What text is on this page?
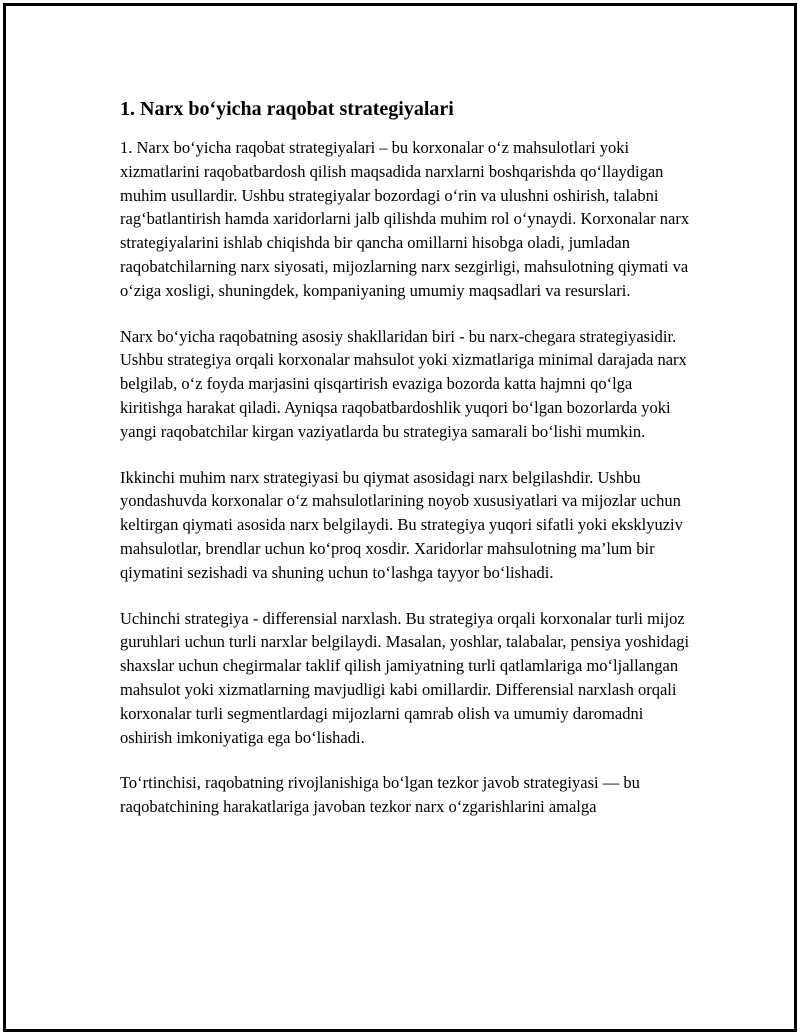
1. Narx bo‘yicha raqobat strategiyalari

1. Narx bo‘yicha raqobat strategiyalari – bu korxonalar o‘z mahsulotlari yoki xizmatlarini raqobatbardosh qilish maqsadida narxlarni boshqarishda qo‘llaydigan muhim usullardir. Ushbu strategiyalar bozordagi o‘rin va ulushni oshirish, talabni rag‘batlantirish hamda xaridorlarni jalb qilishda muhim rol o‘ynaydi. Korxonalar narx strategiyalarini ishlab chiqishda bir qancha omillarni hisobga oladi, jumladan raqobatchilarning narx siyosati, mijozlarning narx sezgirligi, mahsulotning qiymati va o‘ziga xosligi, shuningdek, kompaniyaning umumiy maqsadlari va resurslari.

Narx bo‘yicha raqobatning asosiy shakllaridan biri - bu narx-chegara strategiyasidir. Ushbu strategiya orqali korxonalar mahsulot yoki xizmatlariga minimal darajada narx belgilab, o‘z foyda marjasini qisqartirish evaziga bozorda katta hajmni qo‘lga kiritishga harakat qiladi. Ayniqsa raqobatbardoshlik yuqori bo‘lgan bozorlarda yoki yangi raqobatchilar kirgan vaziyatlarda bu strategiya samarali bo‘lishi mumkin.

Ikkinchi muhim narx strategiyasi bu qiymat asosidagi narx belgilashdir. Ushbu yondashuvda korxonalar o‘z mahsulotlarining noyob xususiyatlari va mijozlar uchun keltirgan qiymati asosida narx belgilaydi. Bu strategiya yuqori sifatli yoki eksklyuziv mahsulotlar, brendlar uchun ko‘proq xosdir. Xaridorlar mahsulotning ma’lum bir qiymatini sezishadi va shuning uchun to‘lashga tayyor bo‘lishadi.

Uchinchi strategiya - differensial narxlash. Bu strategiya orqali korxonalar turli mijoz guruhlari uchun turli narxlar belgilaydi. Masalan, yoshlar, talabalar, pensiya yoshidagi shaxslar uchun chegirmalar taklif qilish jamiyatning turli qatlamlariga mo‘ljallangan mahsulot yoki xizmatlarning mavjudligi kabi omillardir. Differensial narxlash orqali korxonalar turli segmentlardagi mijozlarni qamrab olish va umumiy daromadni oshirish imkoniyatiga ega bo‘lishadi.

To‘rtinchisi, raqobatning rivojlanishiga bo‘lgan tezkor javob strategiyasi — bu raqobatchining harakatlariga javoban tezkor narx o‘zgarishlarini amalga
